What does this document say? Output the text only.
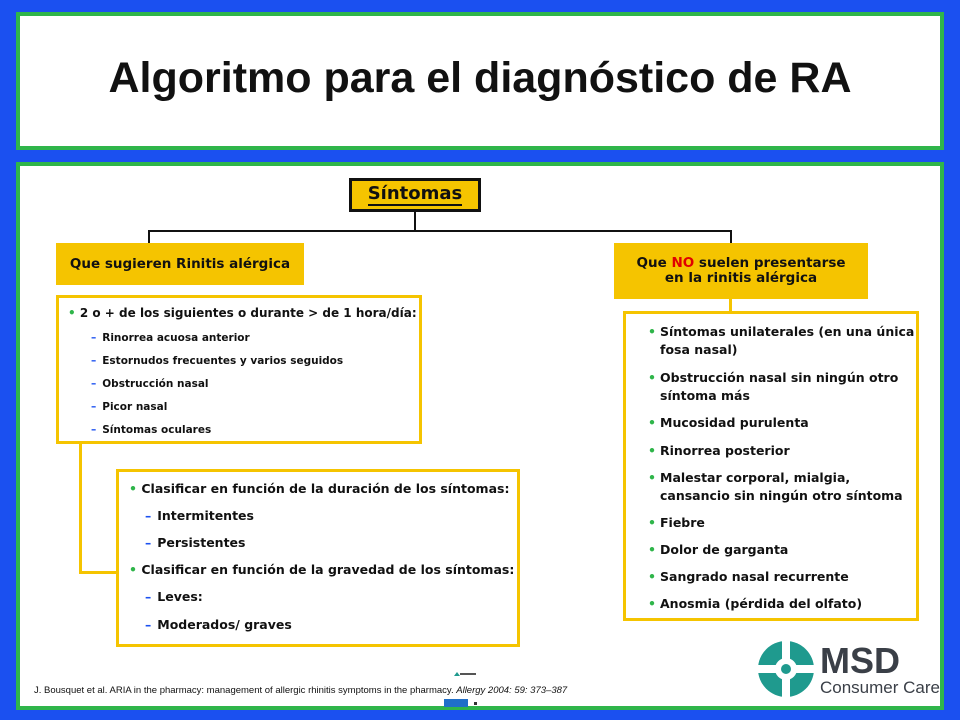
Algoritmo para el diagnóstico de RA
Síntomas
Que sugieren Rinitis alérgica	Que NO suelen presentarse
en la rinitis alérgica
• 2 o + de los siguientes o durante > de 1 hora/día:
– Rinorrea acuosa anterior
– Estornudos frecuentes y varios seguidos
– Obstrucción nasal
– Picor nasal
– Síntomas oculares
• Clasificar en función de la duración de los síntomas:
– Intermitentes
– Persistentes
• Clasificar en función de la gravedad de los síntomas:
– Leves:
– Moderados/ graves
• Síntomas unilaterales (en una única fosa nasal)
• Obstrucción nasal sin ningún otro síntoma más
• Mucosidad purulenta
• Rinorrea posterior
• Malestar corporal, mialgia, cansancio sin ningún otro síntoma
• Fiebre
• Dolor de garganta
• Sangrado nasal recurrente
• Anosmia (pérdida del olfato)
J. Bousquet et al. ARIA in the pharmacy: management of allergic rhinitis symptoms in the pharmacy. Allergy 2004: 59: 373–387
MSD
Consumer Care
